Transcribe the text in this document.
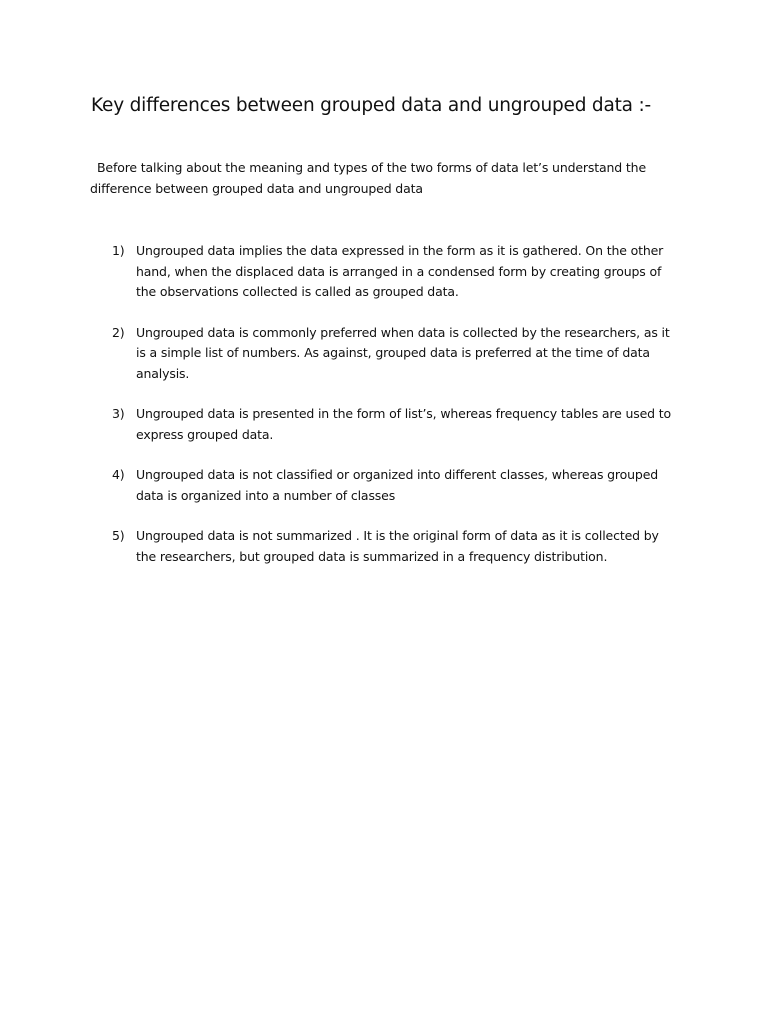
Key differences between grouped data and ungrouped data :-
Before talking about the meaning and types of the two forms of data let’s understand the difference between grouped data and ungrouped data
1) Ungrouped data implies the data expressed in the form as it is gathered. On the other hand, when the displaced data is arranged in a condensed form by creating groups of the observations collected is called as grouped data.
2) Ungrouped data is commonly preferred when data is collected by the researchers, as it is a simple list of numbers. As against, grouped data is preferred at the time of data analysis.
3) Ungrouped data is presented in the form of list’s, whereas frequency tables are used to express grouped data.
4) Ungrouped data is not classified or organized into different classes, whereas grouped data is organized into a number of classes
5) Ungrouped data is not summarized . It is the original form of data as it is collected by the researchers, but grouped data is summarized in a frequency distribution.
